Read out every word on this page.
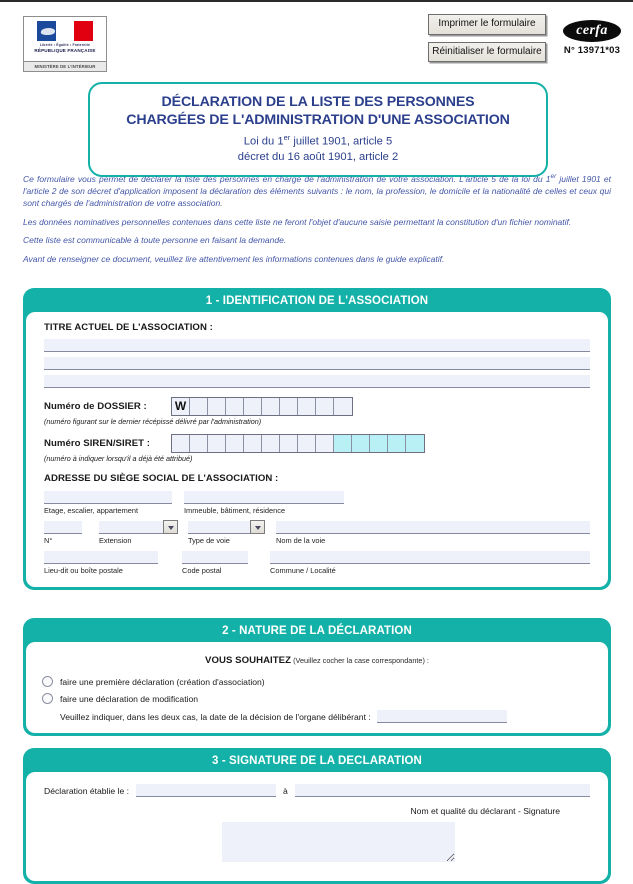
Liberté • Égalité • Fraternité
RÉPUBLIQUE FRANÇAISE
MINISTÈRE DE L'INTÉRIEUR
Imprimer le formulaire
Réinitialiser le formulaire
cerfa
N° 13971*03
DÉCLARATION DE LA LISTE DES PERSONNES
CHARGÉES DE L'ADMINISTRATION D'UNE ASSOCIATION
Loi du 1er juillet 1901, article 5
décret du 16 août 1901, article 2

Ce formulaire vous permet de déclarer la liste des personnes en charge de l'administration de votre association. L'article 5 de la loi du 1er juillet 1901 et l'article 2 de son décret d'application imposent la déclaration des éléments suivants : le nom, la profession, le domicile et la nationalité de celles et ceux qui sont chargés de l'administration de votre association.

Les données nominatives personnelles contenues dans cette liste ne feront l'objet d'aucune saisie permettant la constitution d'un fichier nominatif.

Cette liste est communicable à toute personne en faisant la demande.

Avant de renseigner ce document, veuillez lire attentivement les informations contenues dans le guide explicatif.

1 - IDENTIFICATION DE L'ASSOCIATION
TITRE ACTUEL DE L'ASSOCIATION :
Numéro de DOSSIER :	W
(numéro figurant sur le dernier récépissé délivré par l'administration)
Numéro SIREN/SIRET :
(numéro à indiquer lorsqu'il a déjà été attribué)
ADRESSE DU SIÈGE SOCIAL DE L'ASSOCIATION :
Etage, escalier, appartement	Immeuble, bâtiment, résidence
N°	Extension	Type de voie	Nom de la voie
Lieu-dit ou boîte postale	Code postal	Commune / Localité
2 - NATURE DE LA DÉCLARATION
VOUS SOUHAITEZ (Veuillez cocher la case correspondante) :
faire une première déclaration (création d'association)
faire une déclaration de modification
Veuillez indiquer, dans les deux cas, la date de la décision de l'organe délibérant :
3 - SIGNATURE DE LA DECLARATION
Déclaration établie le :	à
Nom et qualité du déclarant - Signature
